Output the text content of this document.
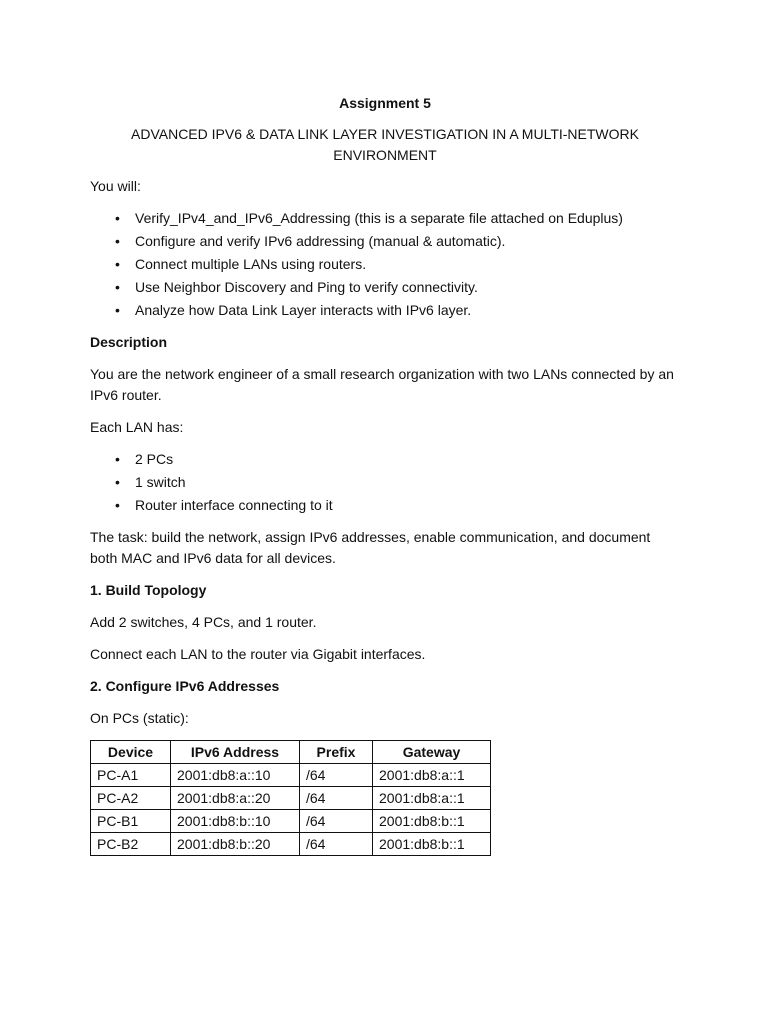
Assignment 5
ADVANCED IPV6 & DATA LINK LAYER INVESTIGATION IN A MULTI-NETWORK ENVIRONMENT

You will:

• Verify_IPv4_and_IPv6_Addressing (this is a separate file attached on Eduplus)
• Configure and verify IPv6 addressing (manual & automatic).
• Connect multiple LANs using routers.
• Use Neighbor Discovery and Ping to verify connectivity.
• Analyze how Data Link Layer interacts with IPv6 layer.
Description

You are the network engineer of a small research organization with two LANs connected by an IPv6 router.

Each LAN has:

• 2 PCs
• 1 switch
• Router interface connecting to it

The task: build the network, assign IPv6 addresses, enable communication, and document both MAC and IPv6 data for all devices.

1. Build Topology

Add 2 switches, 4 PCs, and 1 router.

Connect each LAN to the router via Gigabit interfaces.

2. Configure IPv6 Addresses

On PCs (static):

Device	IPv6 Address	Prefix	Gateway
PC-A1	2001:db8:a::10	/64	2001:db8:a::1
PC-A2	2001:db8:a::20	/64	2001:db8:a::1
PC-B1	2001:db8:b::10	/64	2001:db8:b::1
PC-B2	2001:db8:b::20	/64	2001:db8:b::1
